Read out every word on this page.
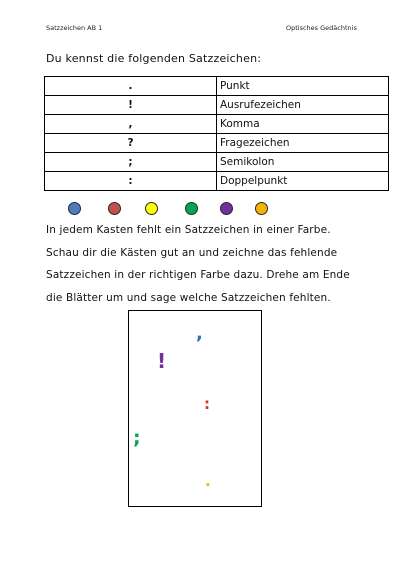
Satzzeichen AB 1	Optisches Gedächtnis
Du kennst die folgenden Satzzeichen:
.	Punkt
!	Ausrufezeichen
,	Komma
?	Fragezeichen
;	Semikolon
:	Doppelpunkt
In jedem Kasten fehlt ein Satzzeichen in einer Farbe.
Schau dir die Kästen gut an und zeichne das fehlende
Satzzeichen in der richtigen Farbe dazu. Drehe am Ende
die Blätter um und sage welche Satzzeichen fehlten.
,
!
:
;
.
